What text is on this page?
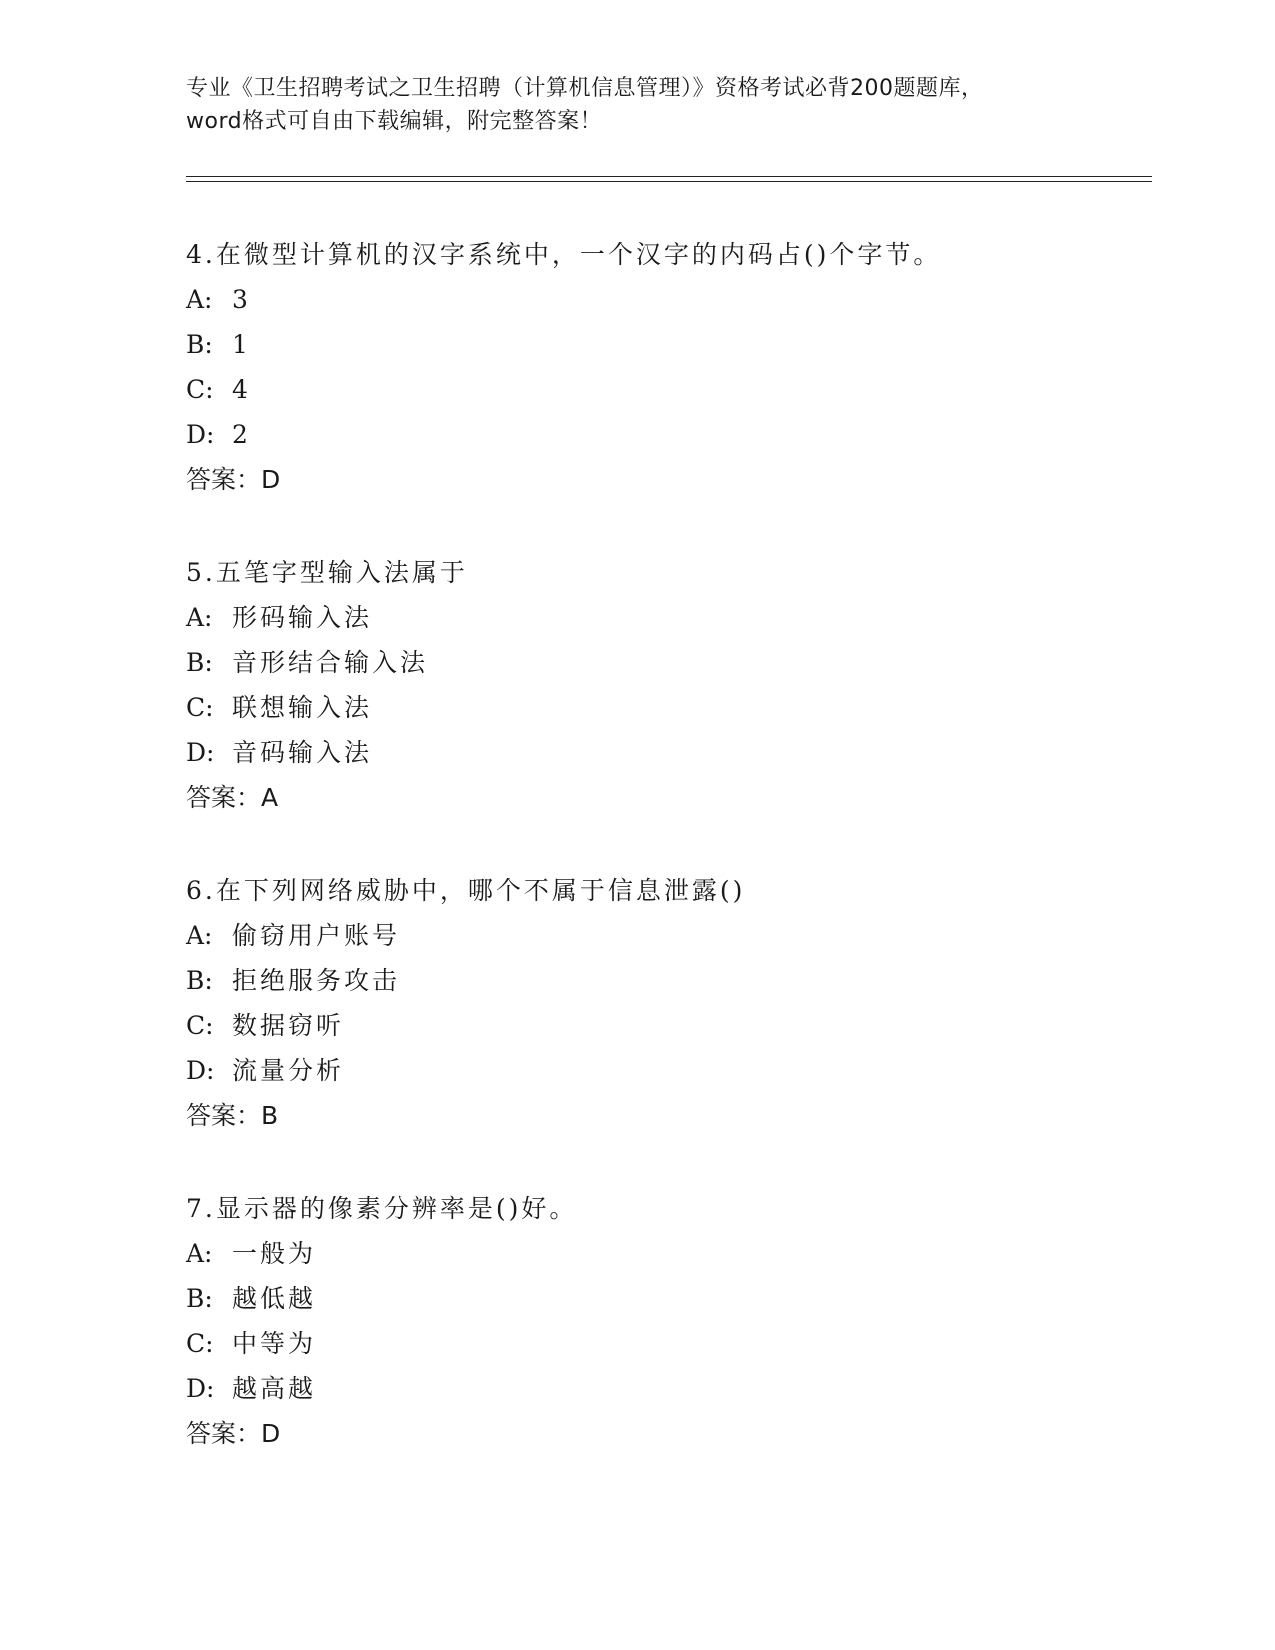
专业《卫生招聘考试之卫生招聘（计算机信息管理）》资格考试必背200题题库，
word格式可自由下载编辑，附完整答案！
4.在微型计算机的汉字系统中，一个汉字的内码占()个字节。
A: 3
B: 1
C: 4
D: 2
答案：D
5.五笔字型输入法属于
A: 形码输入法
B: 音形结合输入法
C: 联想输入法
D: 音码输入法
答案：A
6.在下列网络威胁中，哪个不属于信息泄露()
A: 偷窃用户账号
B: 拒绝服务攻击
C: 数据窃听
D: 流量分析
答案：B
7.显示器的像素分辨率是()好。
A: 一般为
B: 越低越
C: 中等为
D: 越高越
答案：D
